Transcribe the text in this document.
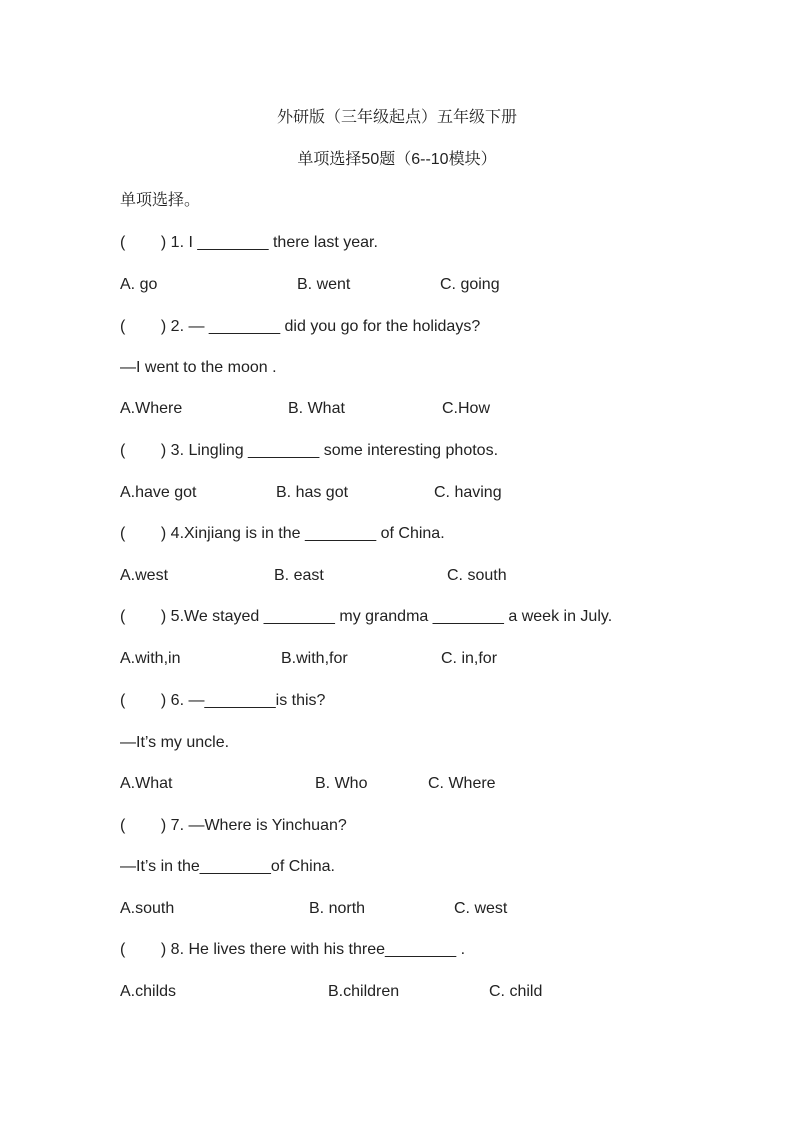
外研版（三年级起点）五年级下册
单项选择50题（6--10模块）
单项选择。
(        ) 1. I ________ there last year.
A. go	B. went	C. going
(        ) 2. — ________ did you go for the holidays?
—I went to the moon .
A.Where	B. What	C.How
(        ) 3. Lingling ________ some interesting photos.
A.have got	B. has got	C. having
(        ) 4.Xinjiang is in the ________ of China.
A.west	B. east	C. south
(        ) 5.We stayed ________ my grandma ________ a week in July.
A.with,in	B.with,for	C. in,for
(        ) 6. —________is this?
—It’s my uncle.
A.What	B. Who	C. Where
(        ) 7. —Where is Yinchuan?
—It’s in the________of China.
A.south	B. north	C. west
(        ) 8. He lives there with his three________ .
A.childs	B.children	C. child
